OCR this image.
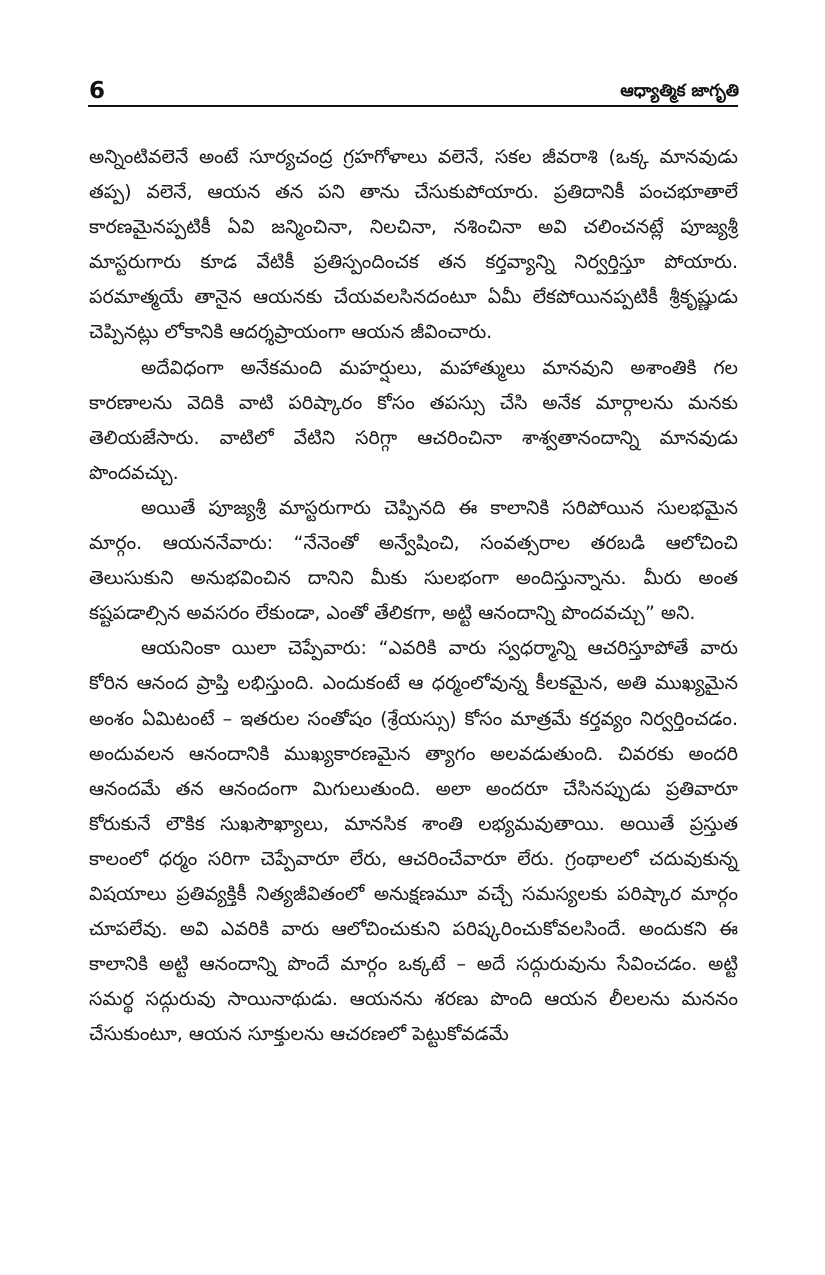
6	ఆధ్యాత్మిక జాగృతి

అన్నింటివలెనే అంటే సూర్యచంద్ర గ్రహగోళాలు వలెనే, సకల జీవరాశి (ఒక్క మానవుడు తప్ప) వలెనే, ఆయన తన పని తాను చేసుకుపోయారు. ప్రతిదానికీ పంచభూతాలే కారణమైనప్పటికీ ఏవి జన్మించినా, నిలచినా, నశించినా అవి చలించనట్లే పూజ్యశ్రీ మాస్టరుగారు కూడ వేటికీ ప్రతిస్పందించక తన కర్తవ్యాన్ని నిర్వర్తిస్తూ పోయారు. పరమాత్మయే తానైన ఆయనకు చేయవలసినదంటూ ఏమీ లేకపోయినప్పటికీ శ్రీకృష్ణుడు చెప్పినట్లు లోకానికి ఆదర్శప్రాయంగా ఆయన జీవించారు.

అదేవిధంగా అనేకమంది మహర్షులు, మహాత్ములు మానవుని అశాంతికి గల కారణాలను వెదికి వాటి పరిష్కారం కోసం తపస్సు చేసి అనేక మార్గాలను మనకు తెలియజేసారు. వాటిలో వేటిని సరిగ్గా ఆచరించినా శాశ్వతానందాన్ని మానవుడు పొందవచ్చు.

అయితే పూజ్యశ్రీ మాస్టరుగారు చెప్పినది ఈ కాలానికి సరిపోయిన సులభమైన మార్గం. ఆయననేవారు: “నేనెంతో అన్వేషించి, సంవత్సరాల తరబడి ఆలోచించి తెలుసుకుని అనుభవించిన దానిని మీకు సులభంగా అందిస్తున్నాను. మీరు అంత కష్టపడాల్సిన అవసరం లేకుండా, ఎంతో తేలికగా, అట్టి ఆనందాన్ని పొందవచ్చు” అని.

ఆయనింకా యిలా చెప్పేవారు: “ఎవరికి వారు స్వధర్మాన్ని ఆచరిస్తూపోతే వారు కోరిన ఆనంద ప్రాప్తి లభిస్తుంది. ఎందుకంటే ఆ ధర్మంలోవున్న కీలకమైన, అతి ముఖ్యమైన అంశం ఏమిటంటే – ఇతరుల సంతోషం (శ్రేయస్సు) కోసం మాత్రమే కర్తవ్యం నిర్వర్తించడం. అందువలన ఆనందానికి ముఖ్యకారణమైన త్యాగం అలవడుతుంది. చివరకు అందరి ఆనందమే తన ఆనందంగా మిగులుతుంది. అలా అందరూ చేసినప్పుడు ప్రతివారూ కోరుకునే లౌకిక సుఖసౌఖ్యాలు, మానసిక శాంతి లభ్యమవుతాయి. అయితే ప్రస్తుత కాలంలో ధర్మం సరిగా చెప్పేవారూ లేరు, ఆచరించేవారూ లేరు. గ్రంథాలలో చదువుకున్న విషయాలు ప్రతివ్యక్తికీ నిత్యజీవితంలో అనుక్షణమూ వచ్చే సమస్యలకు పరిష్కార మార్గం చూపలేవు. అవి ఎవరికి వారు ఆలోచించుకుని పరిష్కరించుకోవలసిందే. అందుకని ఈ కాలానికి అట్టి ఆనందాన్ని పొందే మార్గం ఒక్కటే – అదే సద్గురువును సేవించడం. అట్టి సమర్థ సద్గురువు సాయినాథుడు. ఆయనను శరణు పొంది ఆయన లీలలను మననం చేసుకుంటూ, ఆయన సూక్తులను ఆచరణలో పెట్టుకోవడమే
